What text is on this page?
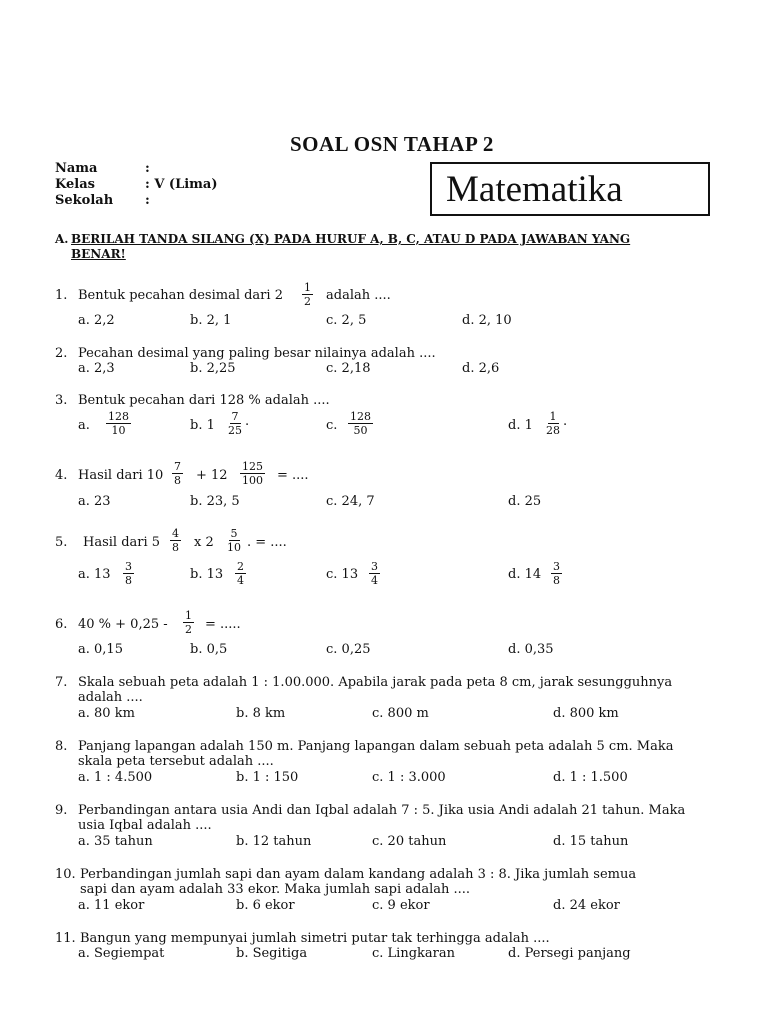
SOAL OSN TAHAP 2
Nama	:
Kelas	: V (Lima)
Sekolah :	Matematika
A. BERILAH TANDA SILANG (X) PADA HURUF A, B, C, ATAU D PADA JAWABAN YANG
BENAR!
1. Bentuk pecahan desimal dari $2 \frac{1}{2}$ adalah ....
a. 2,2	b. 2, 1	c. 2, 5	d. 2, 10
2. Pecahan desimal yang paling besar nilainya adalah ....
a. 2,3	b. 2,25	c. 2,18	d. 2,6
3. Bentuk pecahan dari 128 % adalah ....
a. $\frac{128}{10}$	b. $1 \frac{7}{25}$ .	c. $\frac{128}{50}$	d. $1 \frac{1}{28}$ .
4. Hasil dari $10 \frac{7}{8} + 12 \frac{125}{100}$ = ....
a. 23	b. 23, 5	c. 24, 7	d. 25
5. Hasil dari $5 \frac{4}{8}$ x $2 \frac{5}{10}$ . = ....
a. $13 \frac{3}{8}$	b. $13 \frac{2}{4}$	c. $13 \frac{3}{4}$	d. $14 \frac{3}{8}$
6. 40 % + $0,25 - \frac{1}{2}$ = .....
a. 0,15	b. 0,5	c. 0,25	d. 0,35
7. Skala sebuah peta adalah 1 : 1.00.000. Apabila jarak pada peta 8 cm, jarak sesungguhnya
adalah ....
a. 80 km	b. 8 km	c. 800 m	d. 800 km
8. Panjang lapangan adalah 150 m. Panjang lapangan dalam sebuah peta adalah 5 cm. Maka
skala peta tersebut adalah ....
a. 1 : 4.500	b. 1 : 150	c. 1 : 3.000	d. 1 : 1.500
9. Perbandingan antara usia Andi dan Iqbal adalah 7 : 5. Jika usia Andi adalah 21 tahun. Maka
usia Iqbal adalah ....
a. 35 tahun	b. 12 tahun	c. 20 tahun	d. 15 tahun
10. Perbandingan jumlah sapi dan ayam dalam kandang adalah 3 : 8. Jika jumlah semua
sapi dan ayam adalah 33 ekor. Maka jumlah sapi adalah ....
a. 11 ekor	b. 6 ekor	c. 9 ekor	d. 24 ekor
11. Bangun yang mempunyai jumlah simetri putar tak terhingga adalah ....
a. Segiempat	b. Segitiga	c. Lingkaran	d. Persegi panjang
